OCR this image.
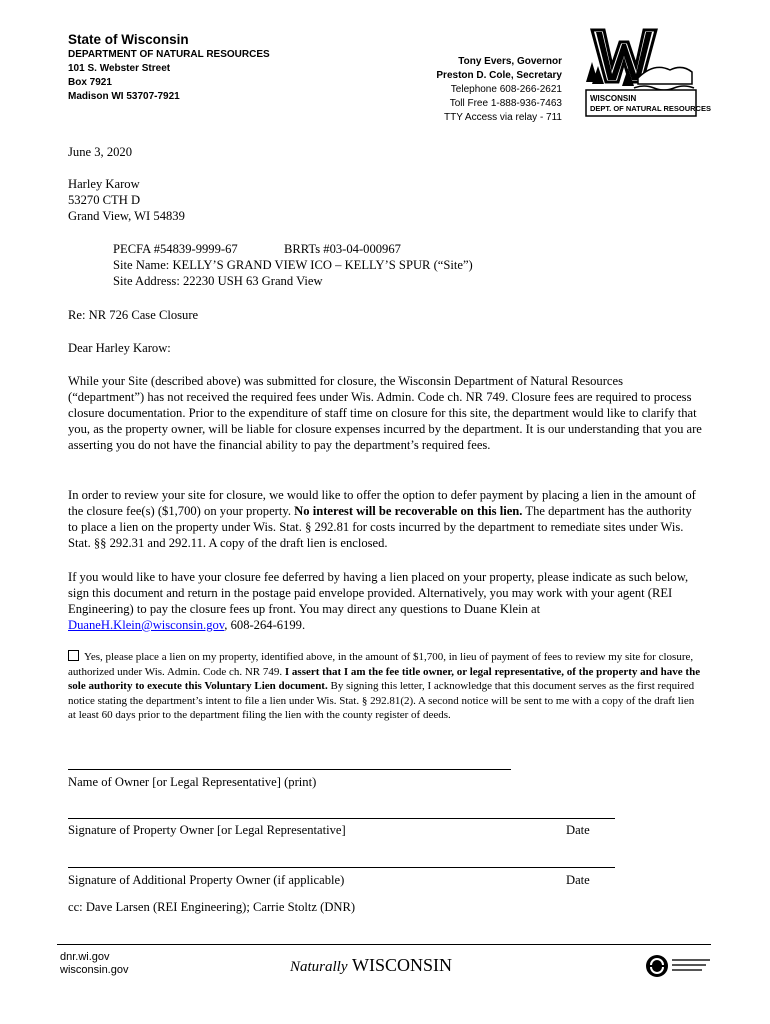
State of Wisconsin
DEPARTMENT OF NATURAL RESOURCES
101 S. Webster Street
Box 7921
Madison WI 53707-7921
Tony Evers, Governor
Preston D. Cole, Secretary
Telephone 608-266-2621
Toll Free 1-888-936-7463
TTY Access via relay - 711
WISCONSIN
DEPT. OF NATURAL RESOURCES
June 3, 2020
Harley Karow
53270 CTH D
Grand View, WI 54839
PECFA #54839-9999-67	BRRTs #03-04-000967
Site Name: KELLY’S GRAND VIEW ICO – KELLY’S SPUR (“Site”)
Site Address: 22230 USH 63 Grand View
Re: NR 726 Case Closure
Dear Harley Karow:
While your Site (described above) was submitted for closure, the Wisconsin Department of Natural Resources (“department”) has not received the required fees under Wis. Admin. Code ch. NR 749. Closure fees are required to process closure documentation. Prior to the expenditure of staff time on closure for this site, the department would like to clarify that you, as the property owner, will be liable for closure expenses incurred by the department. It is our understanding that you are asserting you do not have the financial ability to pay the department’s required fees.
In order to review your site for closure, we would like to offer the option to defer payment by placing a lien in the amount of the closure fee(s) ($1,700) on your property. No interest will be recoverable on this lien. The department has the authority to place a lien on the property under Wis. Stat. § 292.81 for costs incurred by the department to remediate sites under Wis. Stat. §§ 292.31 and 292.11. A copy of the draft lien is enclosed.
If you would like to have your closure fee deferred by having a lien placed on your property, please indicate as such below, sign this document and return in the postage paid envelope provided. Alternatively, you may work with your agent (REI Engineering) to pay the closure fees up front. You may direct any questions to Duane Klein at DuaneH.Klein@wisconsin.gov, 608-264-6199.
Yes, please place a lien on my property, identified above, in the amount of $1,700, in lieu of payment of fees to review my site for closure, authorized under Wis. Admin. Code ch. NR 749. I assert that I am the fee title owner, or legal representative, of the property and have the sole authority to execute this Voluntary Lien document. By signing this letter, I acknowledge that this document serves as the first required notice stating the department’s intent to file a lien under Wis. Stat. § 292.81(2). A second notice will be sent to me with a copy of the draft lien at least 60 days prior to the department filing the lien with the county register of deeds.
Name of Owner [or Legal Representative] (print)
Signature of Property Owner [or Legal Representative]	Date
Signature of Additional Property Owner (if applicable)	Date
cc: Dave Larsen (REI Engineering); Carrie Stoltz (DNR)
dnr.wi.gov
wisconsin.gov	Naturally WISCONSIN
